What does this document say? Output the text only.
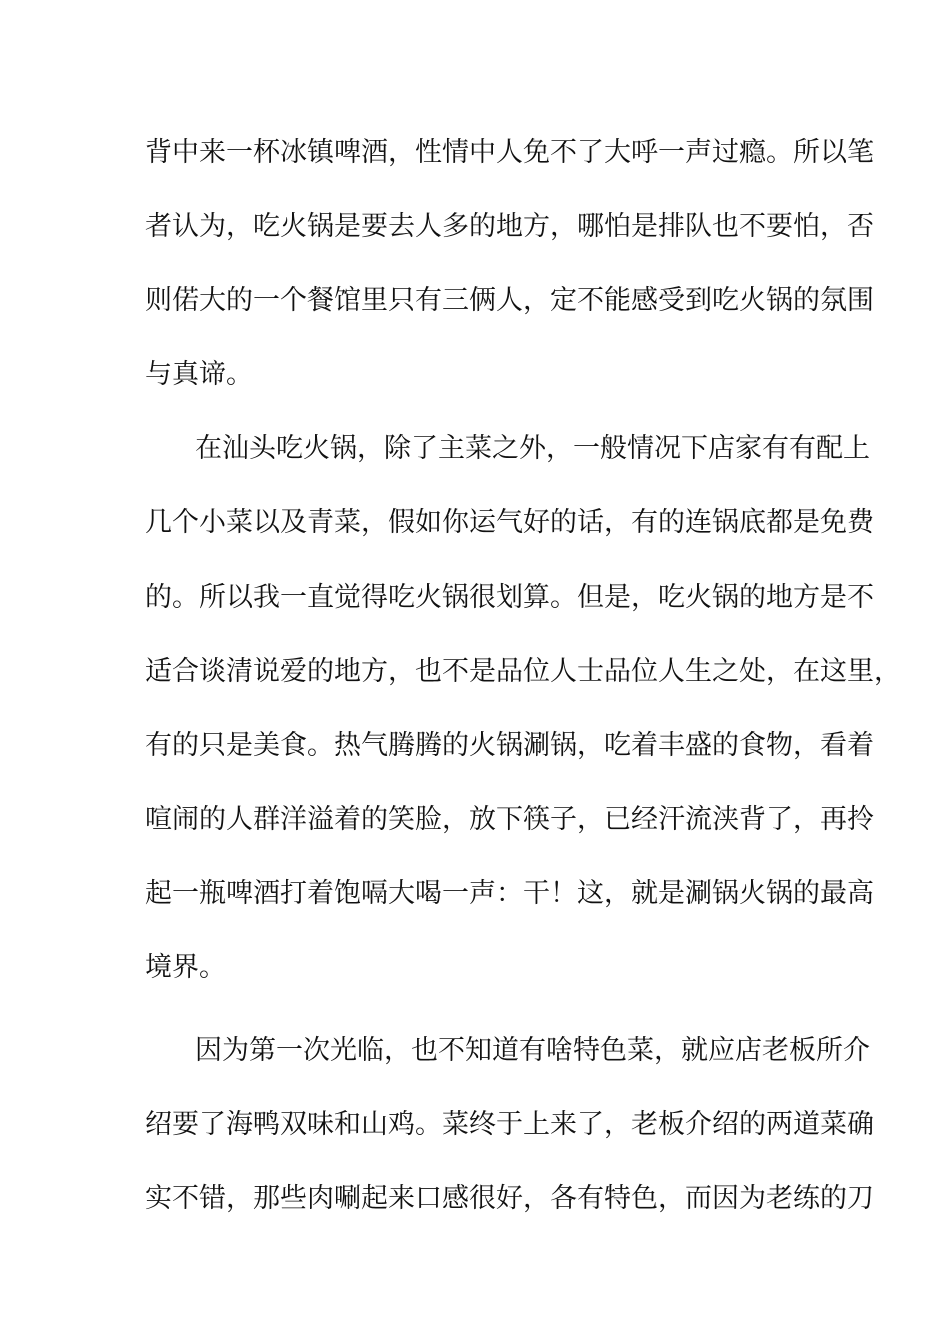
背中来一杯冰镇啤酒，性情中人免不了大呼一声过瘾。所以笔
者认为，吃火锅是要去人多的地方，哪怕是排队也不要怕，否
则偌大的一个餐馆里只有三俩人，定不能感受到吃火锅的氛围
与真谛。
在汕头吃火锅，除了主菜之外，一般情况下店家有有配上
几个小菜以及青菜，假如你运气好的话，有的连锅底都是免费
的。所以我一直觉得吃火锅很划算。但是，吃火锅的地方是不
适合谈清说爱的地方，也不是品位人士品位人生之处，在这里，
有的只是美食。热气腾腾的火锅涮锅，吃着丰盛的食物，看着
喧闹的人群洋溢着的笑脸，放下筷子，已经汗流浃背了，再拎
起一瓶啤酒打着饱嗝大喝一声：干！这，就是涮锅火锅的最高
境界。
因为第一次光临，也不知道有啥特色菜，就应店老板所介
绍要了海鸭双味和山鸡。菜终于上来了，老板介绍的两道菜确
实不错，那些肉唰起来口感很好，各有特色，而因为老练的刀
